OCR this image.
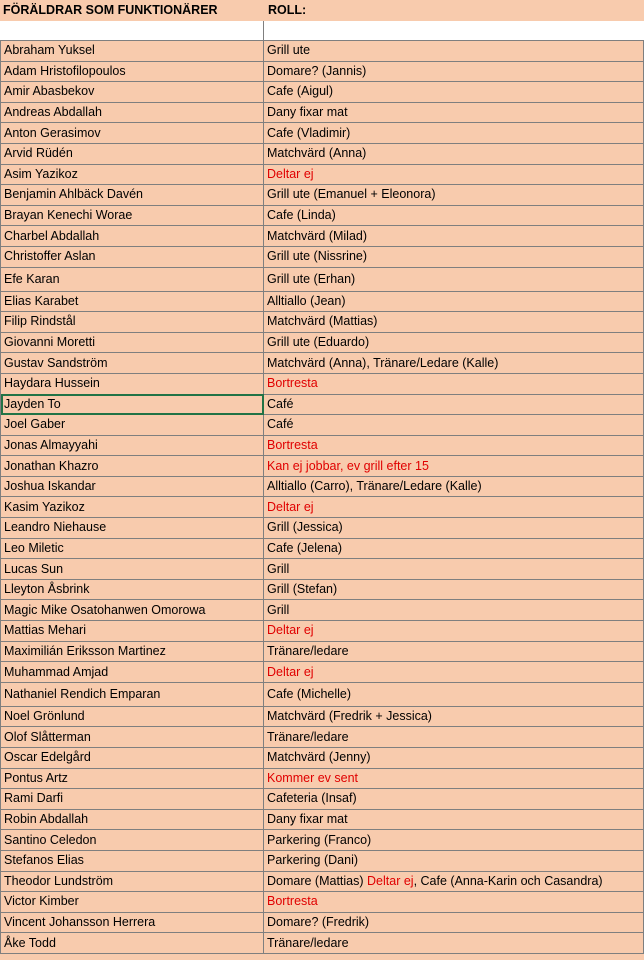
FÖRÄLDRAR SOM FUNKTIONÄRER	ROLL:
Abraham Yuksel	Grill ute
Adam Hristofilopoulos	Domare? (Jannis)
Amir Abasbekov	Cafe (Aigul)
Andreas Abdallah	Dany fixar mat
Anton Gerasimov	Cafe (Vladimir)
Arvid Rüdén	Matchvärd (Anna)
Asim Yazikoz	Deltar ej
Benjamin Ahlbäck Davén	Grill ute (Emanuel + Eleonora)
Brayan Kenechi Worae	Cafe (Linda)
Charbel Abdallah	Matchvärd (Milad)
Christoffer Aslan	Grill ute (Nissrine)
Efe Karan	Grill ute (Erhan)
Elias Karabet	Alltiallo (Jean)
Filip Rindstål	Matchvärd (Mattias)
Giovanni Moretti	Grill ute (Eduardo)
Gustav Sandström	Matchvärd (Anna), Tränare/Ledare (Kalle)
Haydara Hussein	Bortresta
Jayden To	Café
Joel Gaber	Café
Jonas Almayyahi	Bortresta
Jonathan Khazro	Kan ej jobbar, ev grill efter 15
Joshua Iskandar	Alltiallo (Carro), Tränare/Ledare (Kalle)
Kasim Yazikoz	Deltar ej
Leandro Niehause	Grill (Jessica)
Leo Miletic	Cafe (Jelena)
Lucas Sun	Grill
Lleyton Åsbrink	Grill (Stefan)
Magic Mike Osatohanwen Omorowa	Grill
Mattias Mehari	Deltar ej
Maximilián Eriksson Martinez	Tränare/ledare
Muhammad Amjad	Deltar ej
Nathaniel Rendich Emparan	Cafe (Michelle)
Noel Grönlund	Matchvärd (Fredrik + Jessica)
Olof Slåtterman	Tränare/ledare
Oscar Edelgård	Matchvärd (Jenny)
Pontus Artz	Kommer ev sent
Rami Darfi	Cafeteria (Insaf)
Robin Abdallah	Dany fixar mat
Santino Celedon	Parkering (Franco)
Stefanos Elias	Parkering (Dani)
Theodor Lundström	Domare (Mattias) Deltar ej, Cafe (Anna-Karin och Casandra)
Victor Kimber	Bortresta
Vincent Johansson Herrera	Domare? (Fredrik)
Åke Todd	Tränare/ledare
